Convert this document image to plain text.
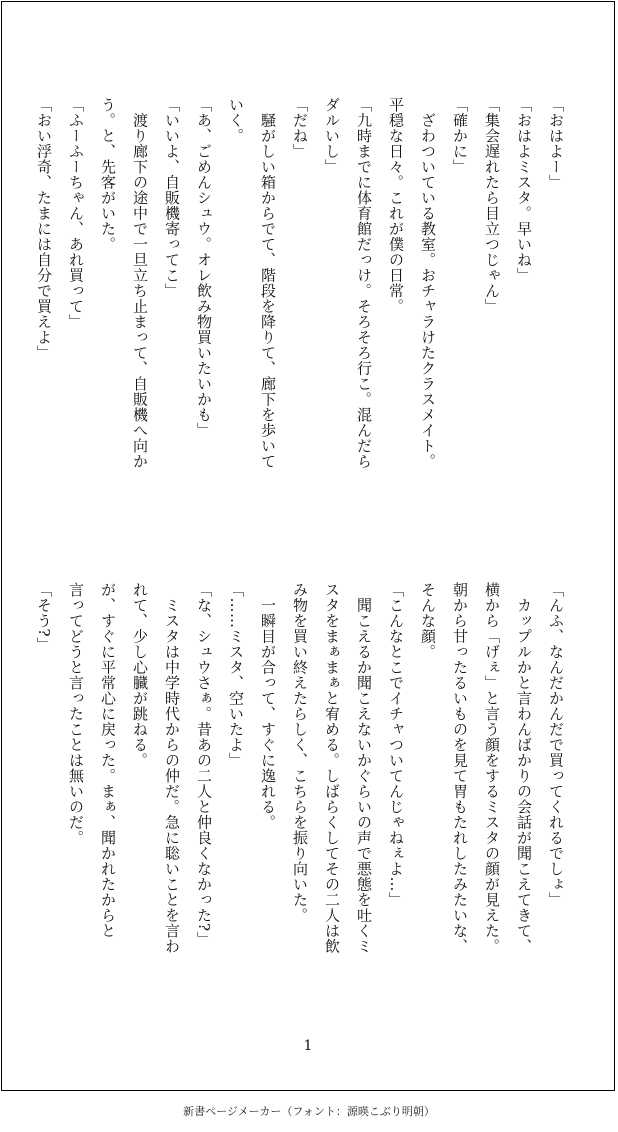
「おはよー」
「おはよミスタ。早いね」
「集会遅れたら目立つじゃん」
「確かに」
　ざわついている教室。おチャラけたクラスメイト。
平穏な日々。これが僕の日常。
「九時までに体育館だっけ。そろそろ行こ。混んだら
ダルいし」
「だね」
　騒がしい箱からでて、階段を降りて、廊下を歩いて
いく。
「あ、ごめんシュウ。オレ飲み物買いたいかも」
「いいよ、自販機寄ってこ」
　渡り廊下の途中で一旦立ち止まって、自販機へ向か
う。と、先客がいた。
「ふーふーちゃん、あれ買って」
「おい浮奇、たまには自分で買えよ」
「んふ、なんだかんだで買ってくれるでしょ」
　カップルかと言わんばかりの会話が聞こえてきて、
横から「げぇ」と言う顔をするミスタの顔が見えた。
朝から甘ったるいものを見て胃もたれしたみたいな、
そんな顔。
「こんなとこでイチャついてんじゃねぇよ…」
　聞こえるか聞こえないかぐらいの声で悪態を吐くミ
スタをまぁまぁと宥める。しばらくしてその二人は飲
み物を買い終えたらしく、こちらを振り向いた。
　一瞬目が合って、すぐに逸れる。
「……ミスタ、空いたよ」
「な、シュウさぁ。昔あの二人と仲良くなかった?」
　ミスタは中学時代からの仲だ。急に聡いことを言わ
れて、少し心臓が跳ねる。
が、すぐに平常心に戻った。まぁ、聞かれたからと
言ってどうと言ったことは無いのだ。
「そう?」
1
新書ページメーカー（フォント：源暎こぶり明朝）
